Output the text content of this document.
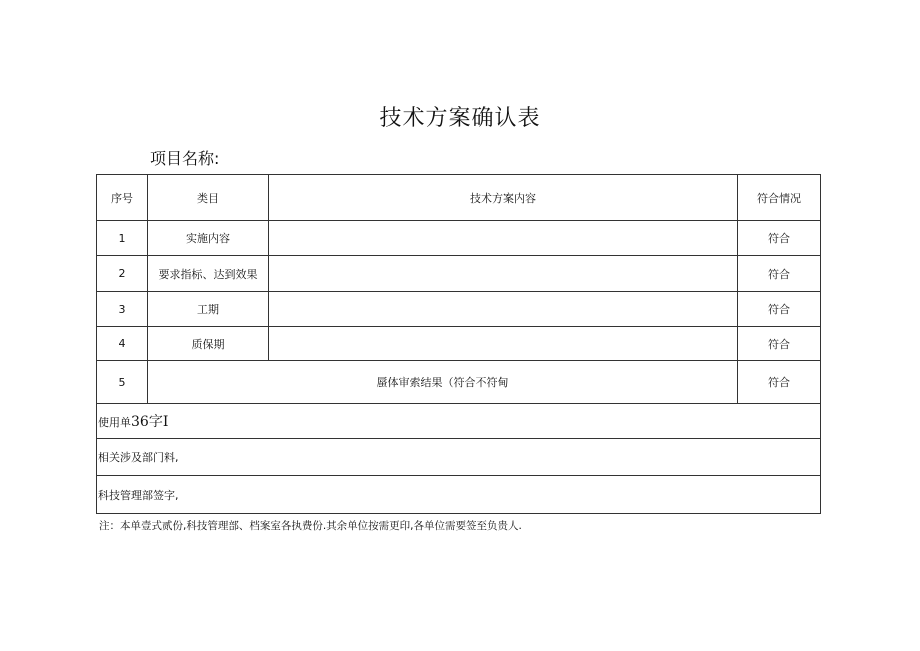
技术方案确认表
项目名称:
序号	类目	技术方案内容	符合情况
1	实施内容		符合
2	要求指标、达到效果		符合
3	工期		符合
4	质保期		符合
5	蜃体审索结果（符合不符甸		符合
使用单36字I			
相关涉及部门料,			
科技管理部签字,			
注：本单壹式贰份,科技管理部、档案室各执费份.其余单位按需更印,各单位需要签至负贵人.
